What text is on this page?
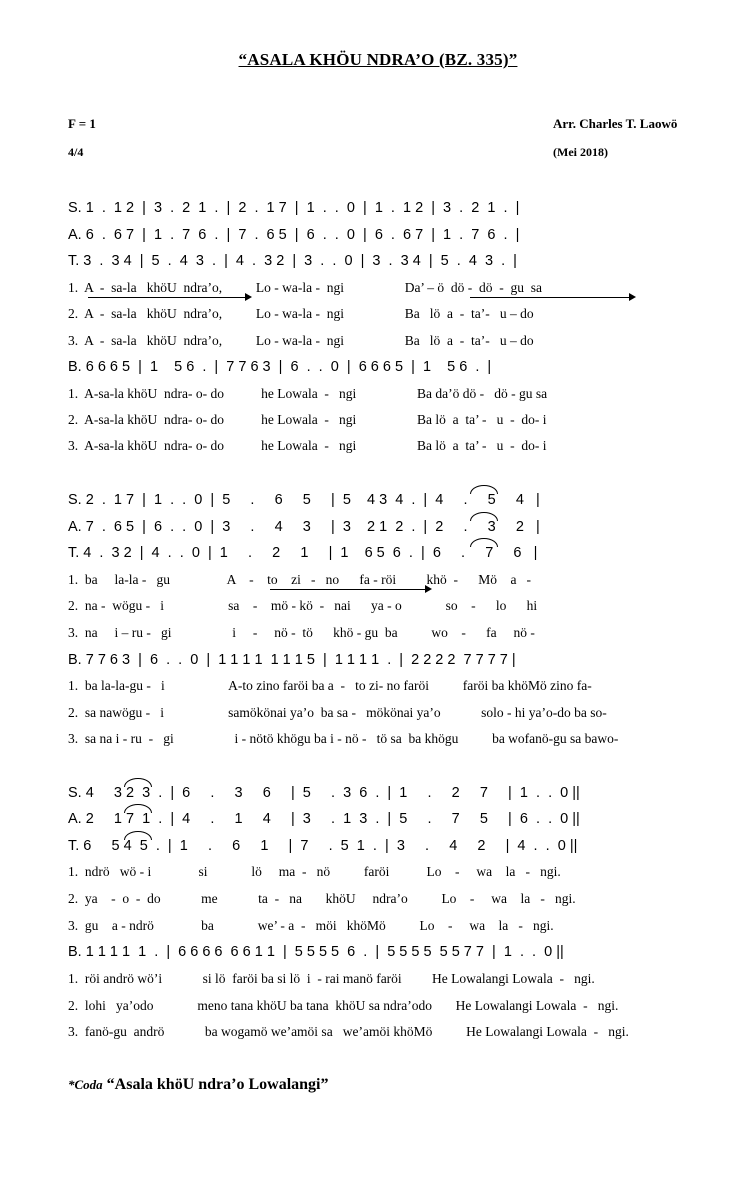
“ASALA KHÖU NDRA’O (BZ. 335)”
F = 1
4/4
Arr. Charles T. Laowö
(Mei 2018)
S. 1  .  1 2  |  3  .  2  1  .  |  2  .  1 7  |  1  .  .  0  |  1  .  1 2  |  3  .  2  1  .  |
A. 6  .  6 7  |  1  .  7  6  .  |  7  .  6 5  |  6  .  .  0  |  6  .  6 7  |  1  .  7  6  .  |
T. 3  .  3 4  |  5  .  4  3  .  |  4  .  3 2  |  3  .  .  0  |  3  .  3 4  |  5  .  4  3  .  |
1.  A  -  sa-la   khöU  ndra’o,          Lo - wa-la -  ngi                  Da’ – ö  dö -  dö  -  gu  sa
2.  A  -  sa-la   khöU  ndra’o,          Lo - wa-la -  ngi                  Ba   lö  a  -  ta’-   u – do
3.  A  -  sa-la   khöU  ndra’o,          Lo - wa-la -  ngi                  Ba   lö  a  -  ta’-   u – do
B. 6 6 6 5  |  1    5 6  .  |  7 7 6 3  |  6  .  .  0  |  6 6 6 5  |  1    5 6  .  |
1.  A-sa-la khöU  ndra- o- do           he Lowala  -   ngi                  Ba da’ö dö -   dö - gu sa
2.  A-sa-la khöU  ndra- o- do           he Lowala  -   ngi                  Ba lö  a  ta’ -   u  -  do- i
3.  A-sa-la khöU  ndra- o- do           he Lowala  -   ngi                  Ba lö  a  ta’ -   u  -  do- i
S. 2  .  1 7  |  1  .  .  0  |  5     .     6     5     |  5    4 3  4  .  |  4     .     5     4   |
A. 7  .  6 5  |  6  .  .  0  |  3     .     4     3     |  3    2 1  2  .  |  2     .     3     2   |
T. 4  .  3 2  |  4  .  .  0  |  1     .     2     1     |  1    6 5  6  .  |  6     .     7     6   |
1.  ba     la-la -   gu                 A    -    to    zi   -   no      fa - röi         khö  -      Mö    a   -
2.  na -  wögu -   i                   sa    -    mö - kö  -   nai      ya - o             so    -      lo      hi
3.  na     i – ru -   gi                  i     -     nö -  tö      khö - gu  ba          wo    -      fa     nö -
B. 7 7 6 3  |  6  .  .  0  |  1 1 1 1  1 1 1 5  |  1 1 1 1  .  |  2 2 2 2  7 7 7 7 |
1.  ba la-la-gu -   i                   A-to zino faröi ba a  -   to zi- no faröi          faröi ba khöMö zino fa-
2.  sa nawögu -   i                   samökönai ya’o  ba sa -   mökönai ya’o            solo - hi ya’o-do ba so-
3.  sa na i - ru  -   gi                  i - nötö khögu ba i - nö -   tö sa  ba khögu          ba wofanö-gu sa bawo-
S. 4     3 2  3  .  |  6     .     3     6     |  5     .  3  6  .  |  1     .     2     7     |  1  .  .  0 ||
A. 2     1 7  1  .  |  4     .     1     4     |  3     .  1  3  .  |  5     .     7     5     |  6  .  .  0 ||
T. 6     5 4  5  .  |  1     .     6     1     |  7     .  5  1  .  |  3     .     4     2     |  4  .  .  0 ||
1.  ndrö   wö - i              si             lö     ma  -   nö          faröi           Lo    -     wa    la   -   ngi.
2.  ya    -  o  -  do            me            ta  -   na       khöU     ndra’o          Lo    -     wa    la   -   ngi.
3.  gu    a - ndrö              ba             we’ - a  -   möi   khöMö          Lo    -     wa    la   -   ngi.
B. 1 1 1 1  1  .  |  6 6 6 6  6 6 1 1  |  5 5 5 5  6  .  |  5 5 5 5  5 5 7 7  |  1  .  .  0 ||
1.  röi andrö wö’i            si lö  faröi ba si lö  i  - rai manö faröi         He Lowalangi Lowala  -   ngi.
2.  lohi   ya’odo             meno tana khöU ba tana  khöU sa ndra’odo       He Lowalangi Lowala  -   ngi.
3.  fanö-gu  andrö            ba wogamö we’amöi sa   we’amöi khöMö          He Lowalangi Lowala  -   ngi.
*Coda “Asala khöU ndra’o Lowalangi”
